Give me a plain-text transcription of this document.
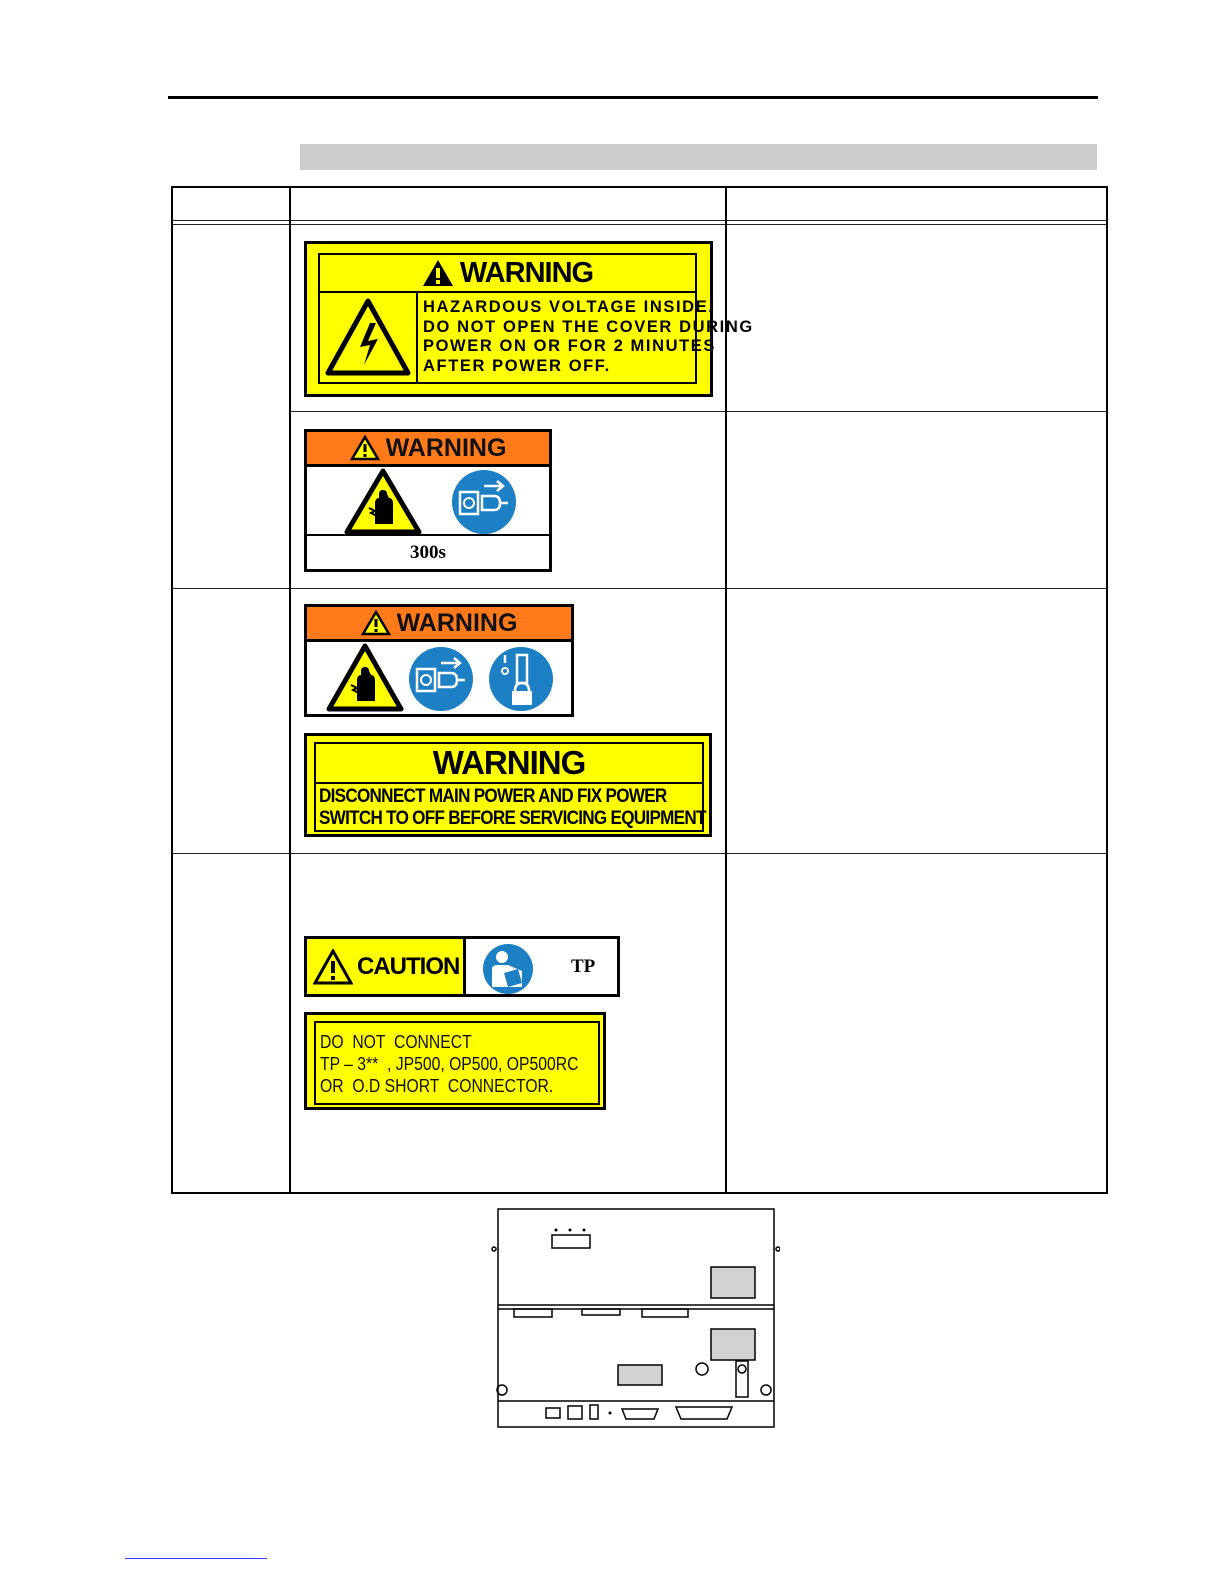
WARNING
HAZARDOUS VOLTAGE INSIDE.
DO NOT OPEN THE COVER DURING
POWER ON OR FOR 2 MINUTES
AFTER POWER OFF.
WARNING
300s
WARNING
WARNING
DISCONNECT MAIN POWER AND FIX POWER
SWITCH TO OFF BEFORE SERVICING EQUIPMENT
CAUTION	TP
DO  NOT  CONNECT
TP – 3**  , JP500, OP500, OP500RC
OR  O.D SHORT  CONNECTOR.
